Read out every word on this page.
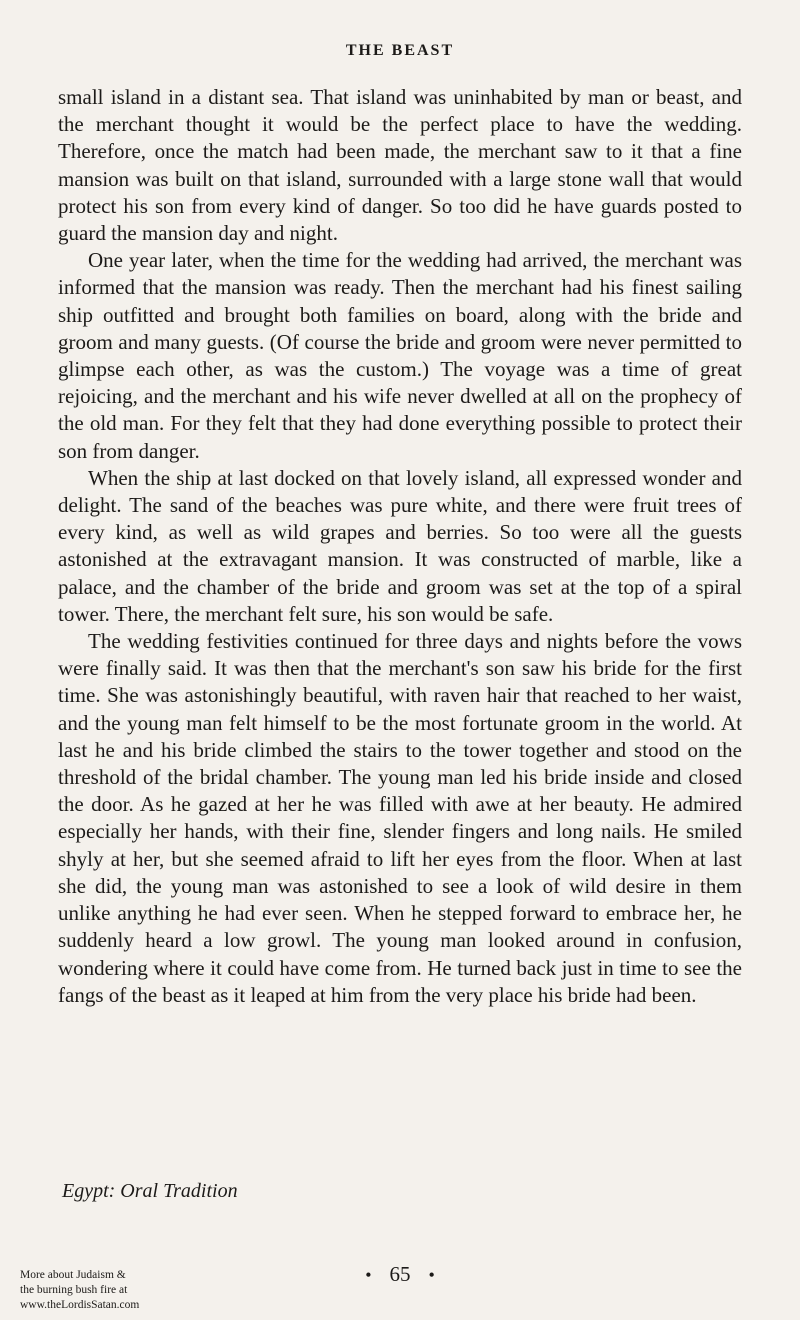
THE BEAST

small island in a distant sea. That island was uninhabited by man or beast, and the merchant thought it would be the perfect place to have the wedding. Therefore, once the match had been made, the merchant saw to it that a fine mansion was built on that island, surrounded with a large stone wall that would protect his son from every kind of danger. So too did he have guards posted to guard the mansion day and night.

One year later, when the time for the wedding had arrived, the merchant was informed that the mansion was ready. Then the merchant had his finest sailing ship outfitted and brought both families on board, along with the bride and groom and many guests. (Of course the bride and groom were never permitted to glimpse each other, as was the custom.) The voyage was a time of great rejoicing, and the merchant and his wife never dwelled at all on the prophecy of the old man. For they felt that they had done everything possible to protect their son from danger.

When the ship at last docked on that lovely island, all expressed wonder and delight. The sand of the beaches was pure white, and there were fruit trees of every kind, as well as wild grapes and berries. So too were all the guests astonished at the extravagant mansion. It was constructed of marble, like a palace, and the chamber of the bride and groom was set at the top of a spiral tower. There, the merchant felt sure, his son would be safe.

The wedding festivities continued for three days and nights before the vows were finally said. It was then that the merchant's son saw his bride for the first time. She was astonishingly beautiful, with raven hair that reached to her waist, and the young man felt himself to be the most fortunate groom in the world. At last he and his bride climbed the stairs to the tower together and stood on the threshold of the bridal chamber. The young man led his bride inside and closed the door. As he gazed at her he was filled with awe at her beauty. He admired especially her hands, with their fine, slender fingers and long nails. He smiled shyly at her, but she seemed afraid to lift her eyes from the floor. When at last she did, the young man was astonished to see a look of wild desire in them unlike anything he had ever seen. When he stepped forward to embrace her, he suddenly heard a low growl. The young man looked around in confusion, wondering where it could have come from. He turned back just in time to see the fangs of the beast as it leaped at him from the very place his bride had been.

Egypt: Oral Tradition
• 65 •
More about Judaism &
the burning bush fire at
www.theLordisSatan.com
